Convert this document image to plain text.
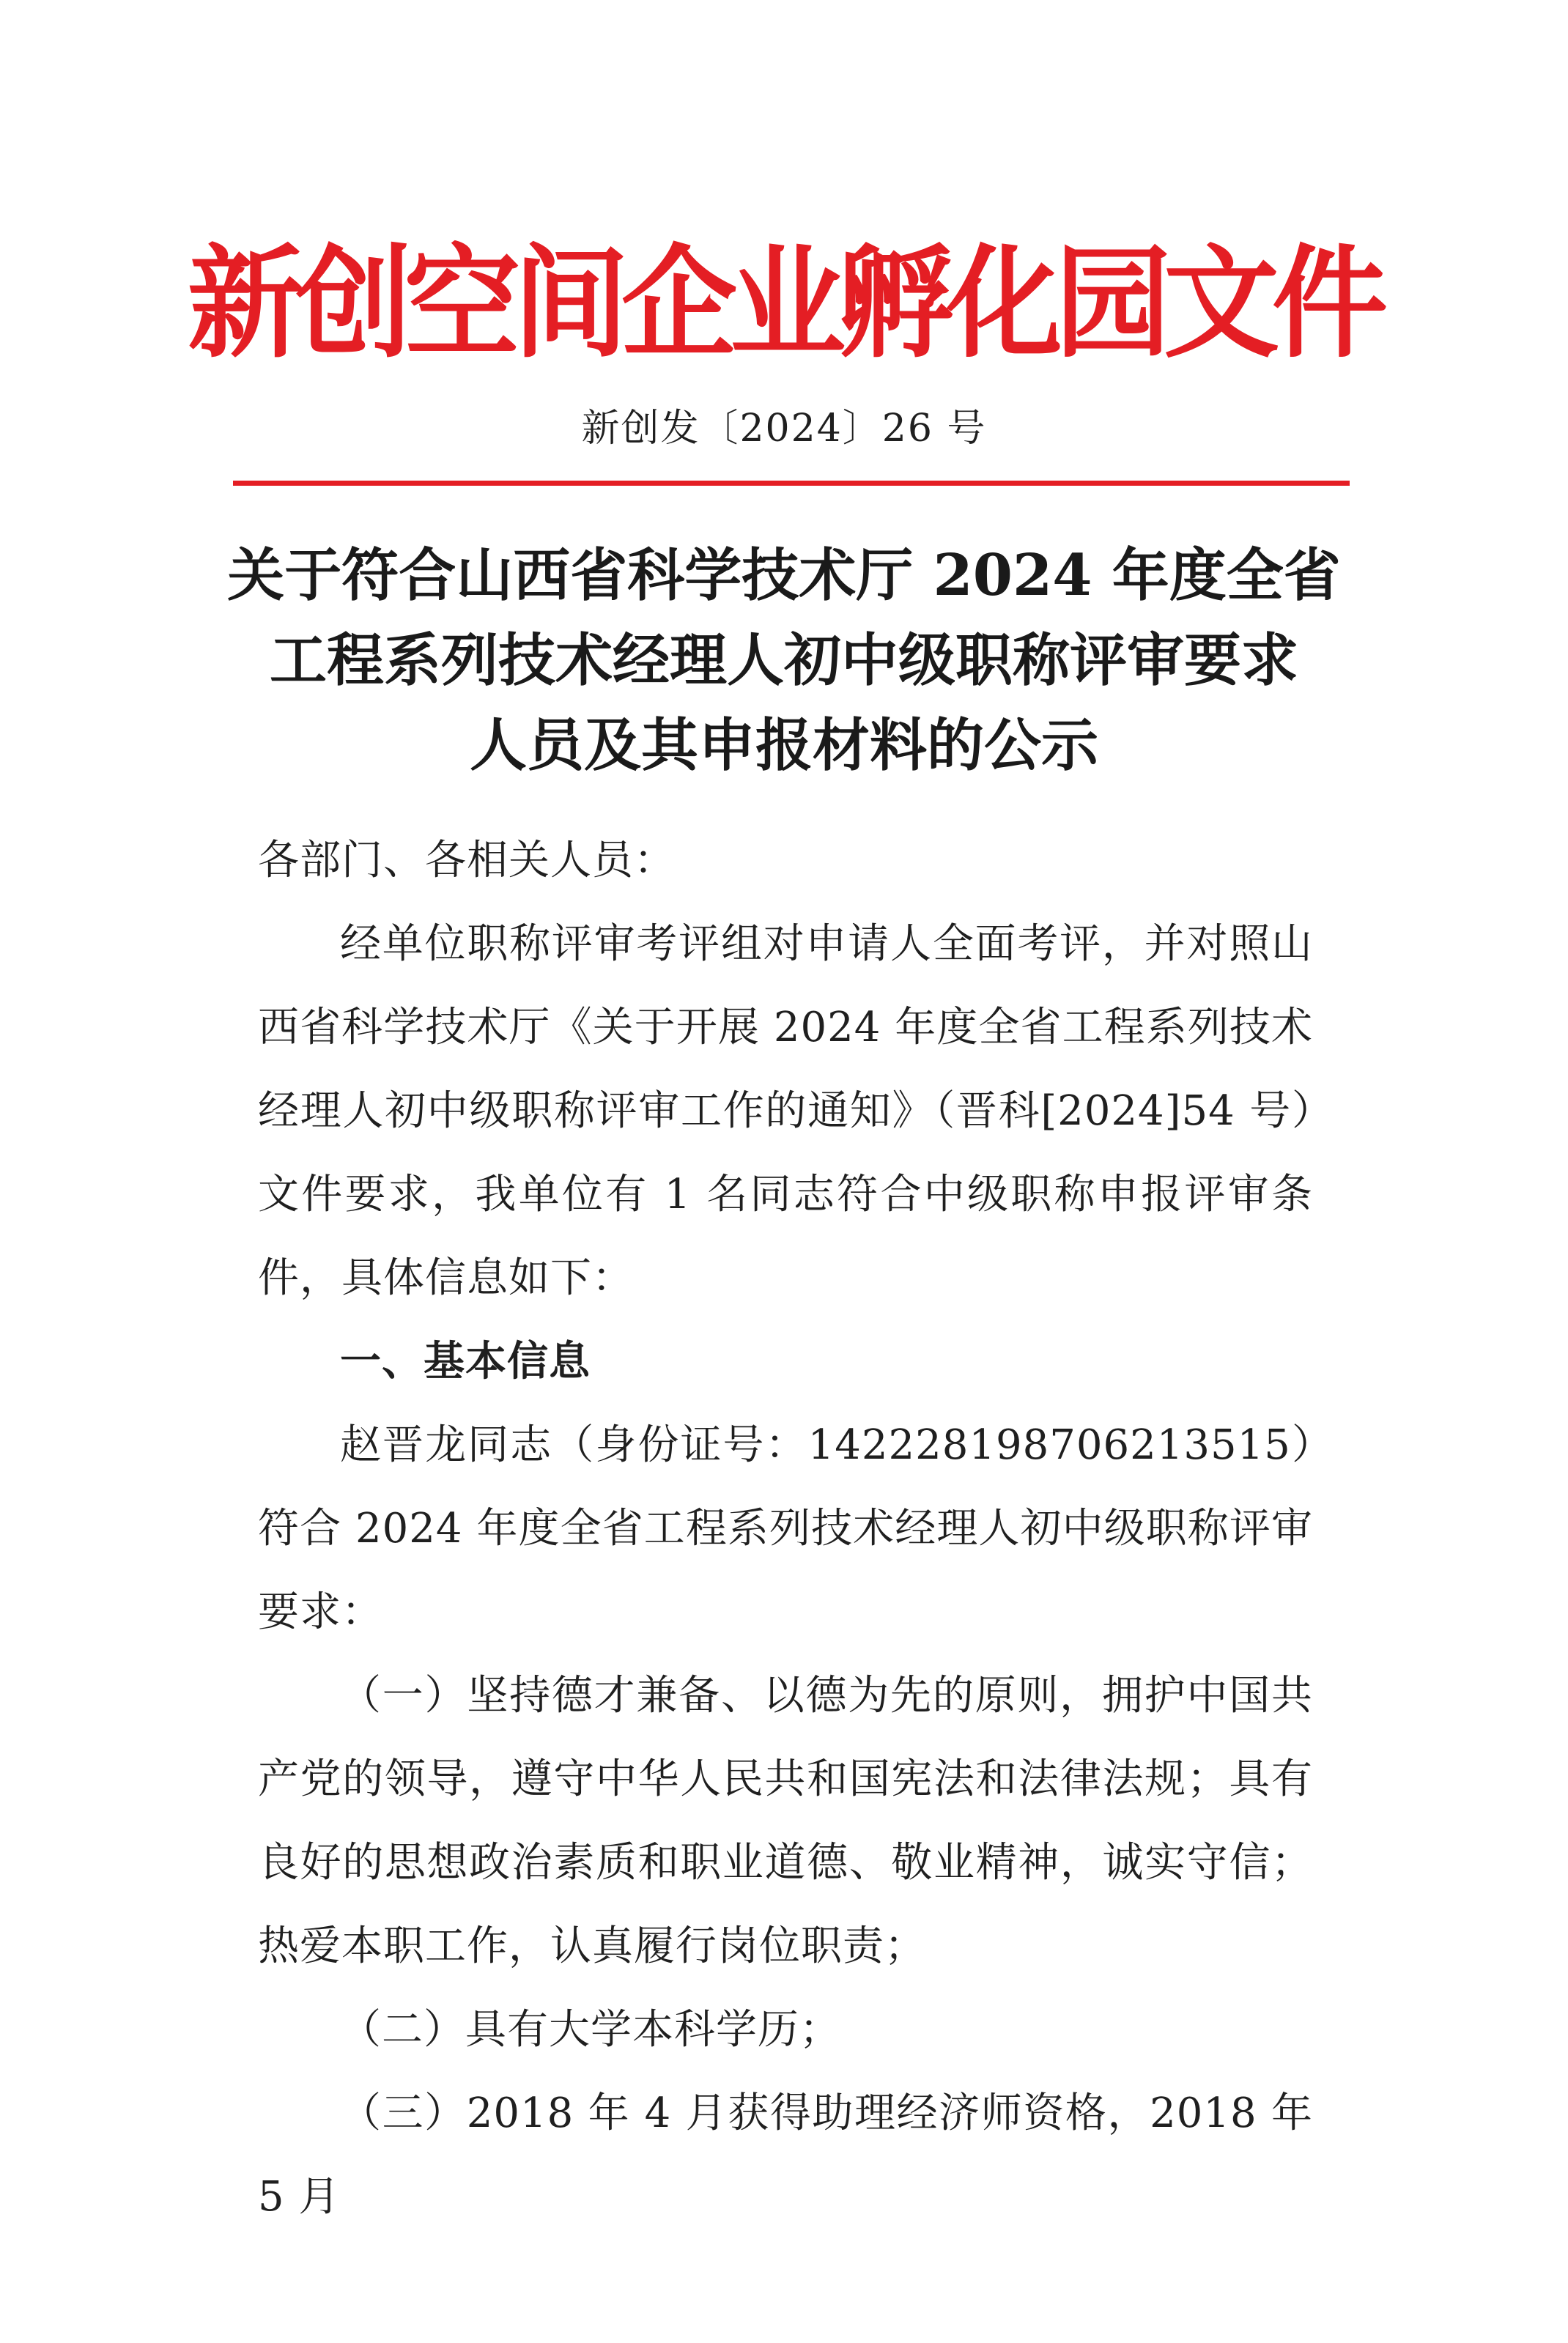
新创空间企业孵化园文件
新创发〔2024〕26 号
关于符合山西省科学技术厅 2024 年度全省
工程系列技术经理人初中级职称评审要求
人员及其申报材料的公示

各部门、各相关人员：

经单位职称评审考评组对申请人全面考评，并对照山西省科学技术厅《关于开展 2024 年度全省工程系列技术经理人初中级职称评审工作的通知》（晋科[2024]54 号）文件要求，我单位有 1 名同志符合中级职称申报评审条件，具体信息如下：

一、基本信息

赵晋龙同志（身份证号：142228198706213515）符合 2024 年度全省工程系列技术经理人初中级职称评审要求：

（一）坚持德才兼备、以德为先的原则，拥护中国共产党的领导，遵守中华人民共和国宪法和法律法规；具有良好的思想政治素质和职业道德、敬业精神，诚实守信；热爱本职工作，认真履行岗位职责；

（二）具有大学本科学历；

（三）2018 年 4 月获得助理经济师资格，2018 年 5 月
